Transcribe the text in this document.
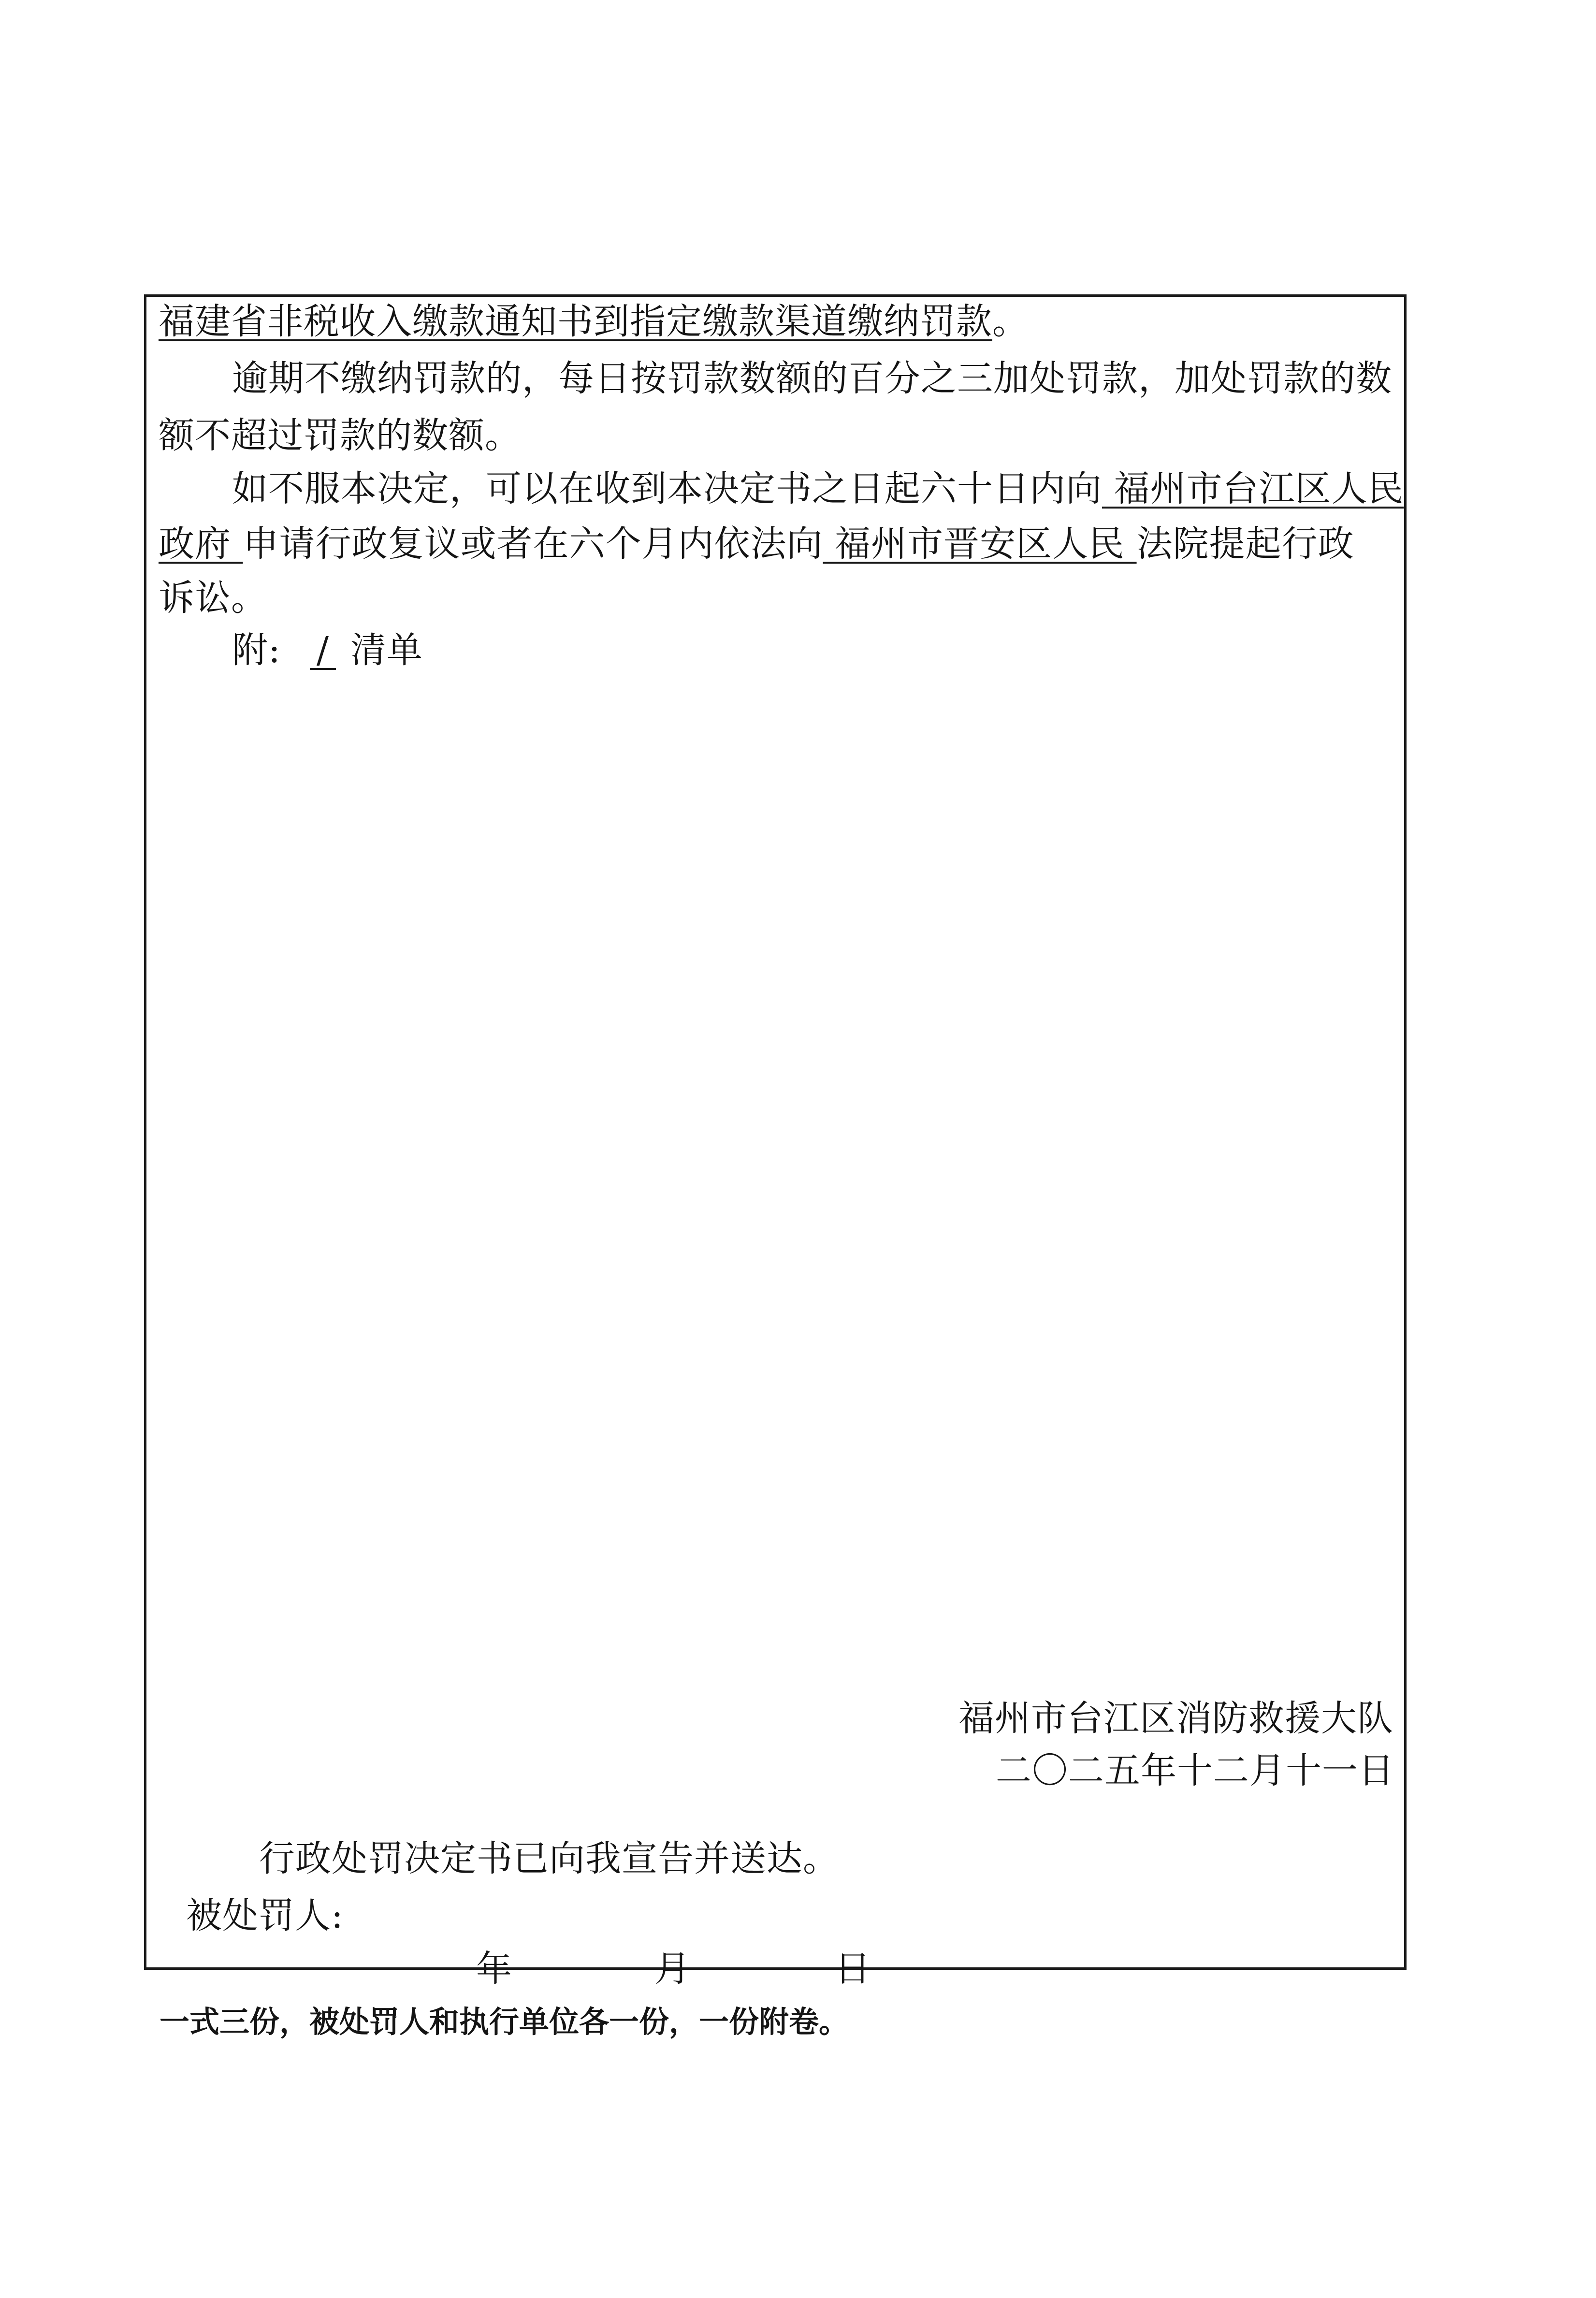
福建省非税收入缴款通知书到指定缴款渠道缴纳罚款。
逾期不缴纳罚款的，每日按罚款数额的百分之三加处罚款，加处罚款的数
额不超过罚款的数额。
如不服本决定，可以在收到本决定书之日起六十日内向 福州市台江区人民
政府 申请行政复议或者在六个月内依法向 福州市晋安区人民 法院提起行政
诉讼。
附: / 清单
福州市台江区消防救援大队
二〇二五年十二月十一日
行政处罚决定书已向我宣告并送达。
被处罚人:
年	月	日
一式三份，被处罚人和执行单位各一份，一份附卷。
